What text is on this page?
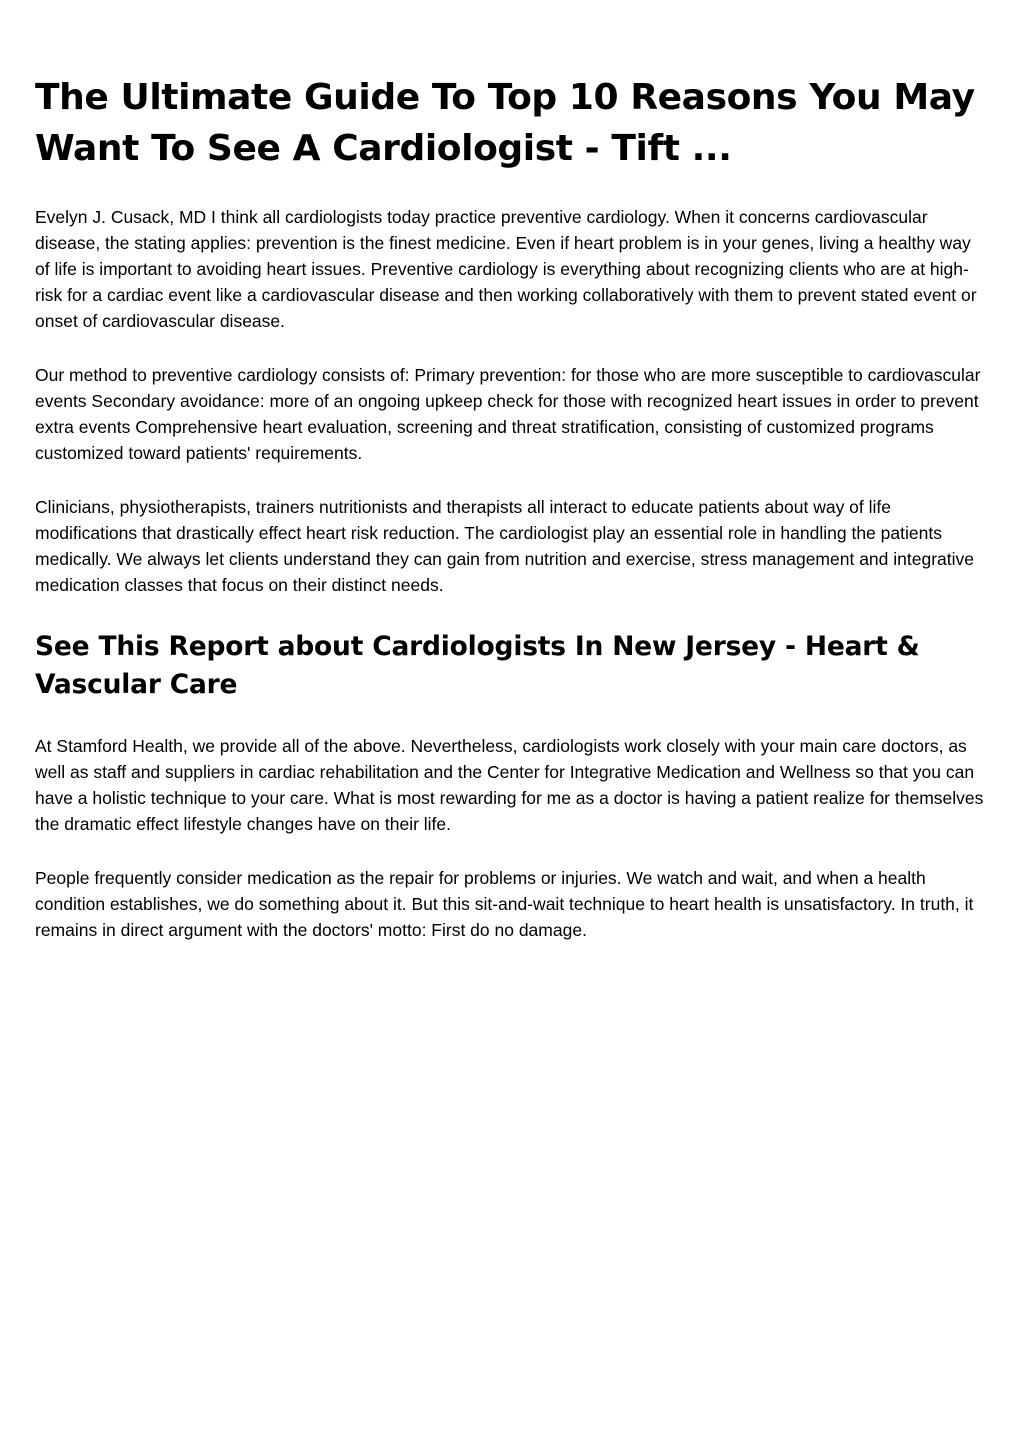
The Ultimate Guide To Top 10 Reasons You May Want To See A Cardiologist - Tift ...

Evelyn J. Cusack, MD I think all cardiologists today practice preventive cardiology. When it concerns cardiovascular disease, the stating applies: prevention is the finest medicine. Even if heart problem is in your genes, living a healthy way of life is important to avoiding heart issues. Preventive cardiology is everything about recognizing clients who are at high-risk for a cardiac event like a cardiovascular disease and then working collaboratively with them to prevent stated event or onset of cardiovascular disease.

Our method to preventive cardiology consists of: Primary prevention: for those who are more susceptible to cardiovascular events Secondary avoidance: more of an ongoing upkeep check for those with recognized heart issues in order to prevent extra events Comprehensive heart evaluation, screening and threat stratification, consisting of customized programs customized toward patients' requirements.

Clinicians, physiotherapists, trainers nutritionists and therapists all interact to educate patients about way of life modifications that drastically effect heart risk reduction. The cardiologist play an essential role in handling the patients medically. We always let clients understand they can gain from nutrition and exercise, stress management and integrative medication classes that focus on their distinct needs.

See This Report about Cardiologists In New Jersey - Heart & Vascular Care

At Stamford Health, we provide all of the above. Nevertheless, cardiologists work closely with your main care doctors, as well as staff and suppliers in cardiac rehabilitation and the Center for Integrative Medication and Wellness so that you can have a holistic technique to your care. What is most rewarding for me as a doctor is having a patient realize for themselves the dramatic effect lifestyle changes have on their life.

People frequently consider medication as the repair for problems or injuries. We watch and wait, and when a health condition establishes, we do something about it. But this sit-and-wait technique to heart health is unsatisfactory. In truth, it remains in direct argument with the doctors' motto: First do no damage.
